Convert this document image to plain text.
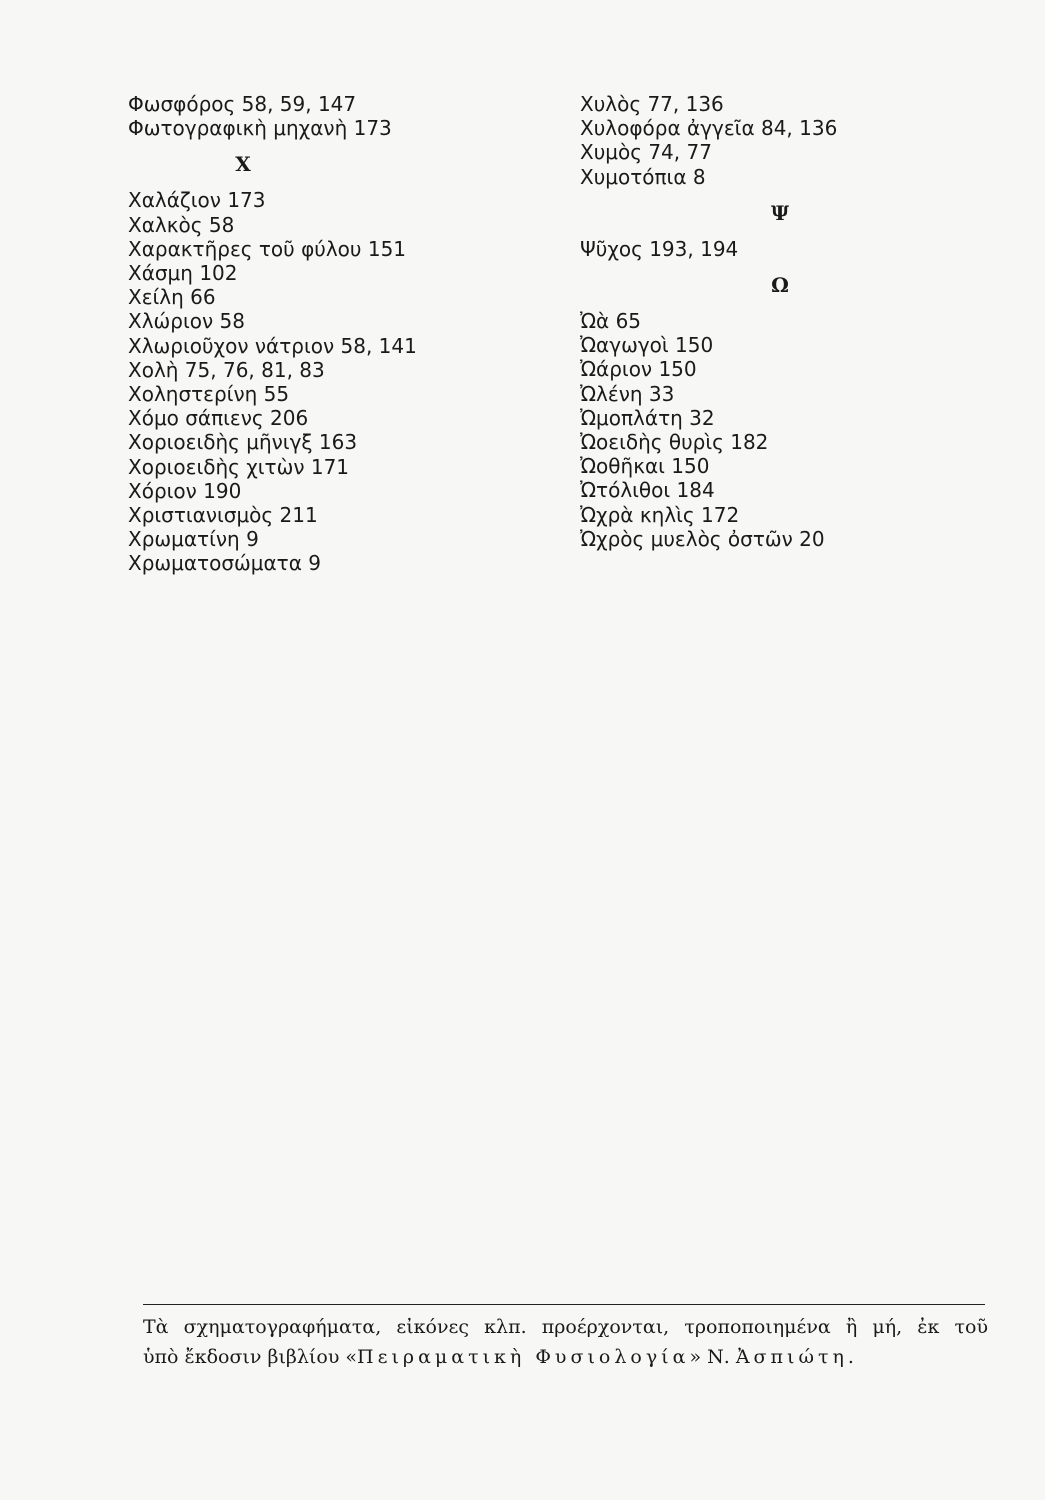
Φωσφόρος 58, 59, 147
Φωτογραφικὴ μηχανὴ 173
X
Χαλάζιον 173
Χαλκὸς 58
Χαρακτῆρες τοῦ φύλου 151
Χάσμη 102
Χείλη 66
Χλώριον 58
Χλωριοῦχον νάτριον 58, 141
Χολὴ 75, 76, 81, 83
Χοληστερίνη 55
Χόμο σάπιενς 206
Χοριοειδὴς μῆνιγξ 163
Χοριοειδὴς χιτὼν 171
Χόριον 190
Χριστιανισμὸς 211
Χρωματίνη 9
Χρωματοσώματα 9
Χυλὸς 77, 136
Χυλοφόρα ἀγγεῖα 84, 136
Χυμὸς 74, 77
Χυμοτόπια 8
Ψ
Ψῦχος 193, 194
Ω
Ὠὰ 65
Ὠαγωγοὶ 150
Ὠάριον 150
Ὠλένη 33
Ὠμοπλάτη 32
Ὠοειδὴς θυρὶς 182
Ὠοθῆκαι 150
Ὠτόλιθοι 184
Ὠχρὰ κηλὶς 172
Ὠχρὸς μυελὸς ὀστῶν 20
Τὰ σχηματογραφήματα, εἰκόνες κλπ. προέρχονται, τροποποιημένα ἢ μή, ἐκ τοῦ
ὑπὸ ἔκδοσιν βιβλίου «Πειραματικὴ Φυσιολογία» Ν. Ἀσπιώτη.
